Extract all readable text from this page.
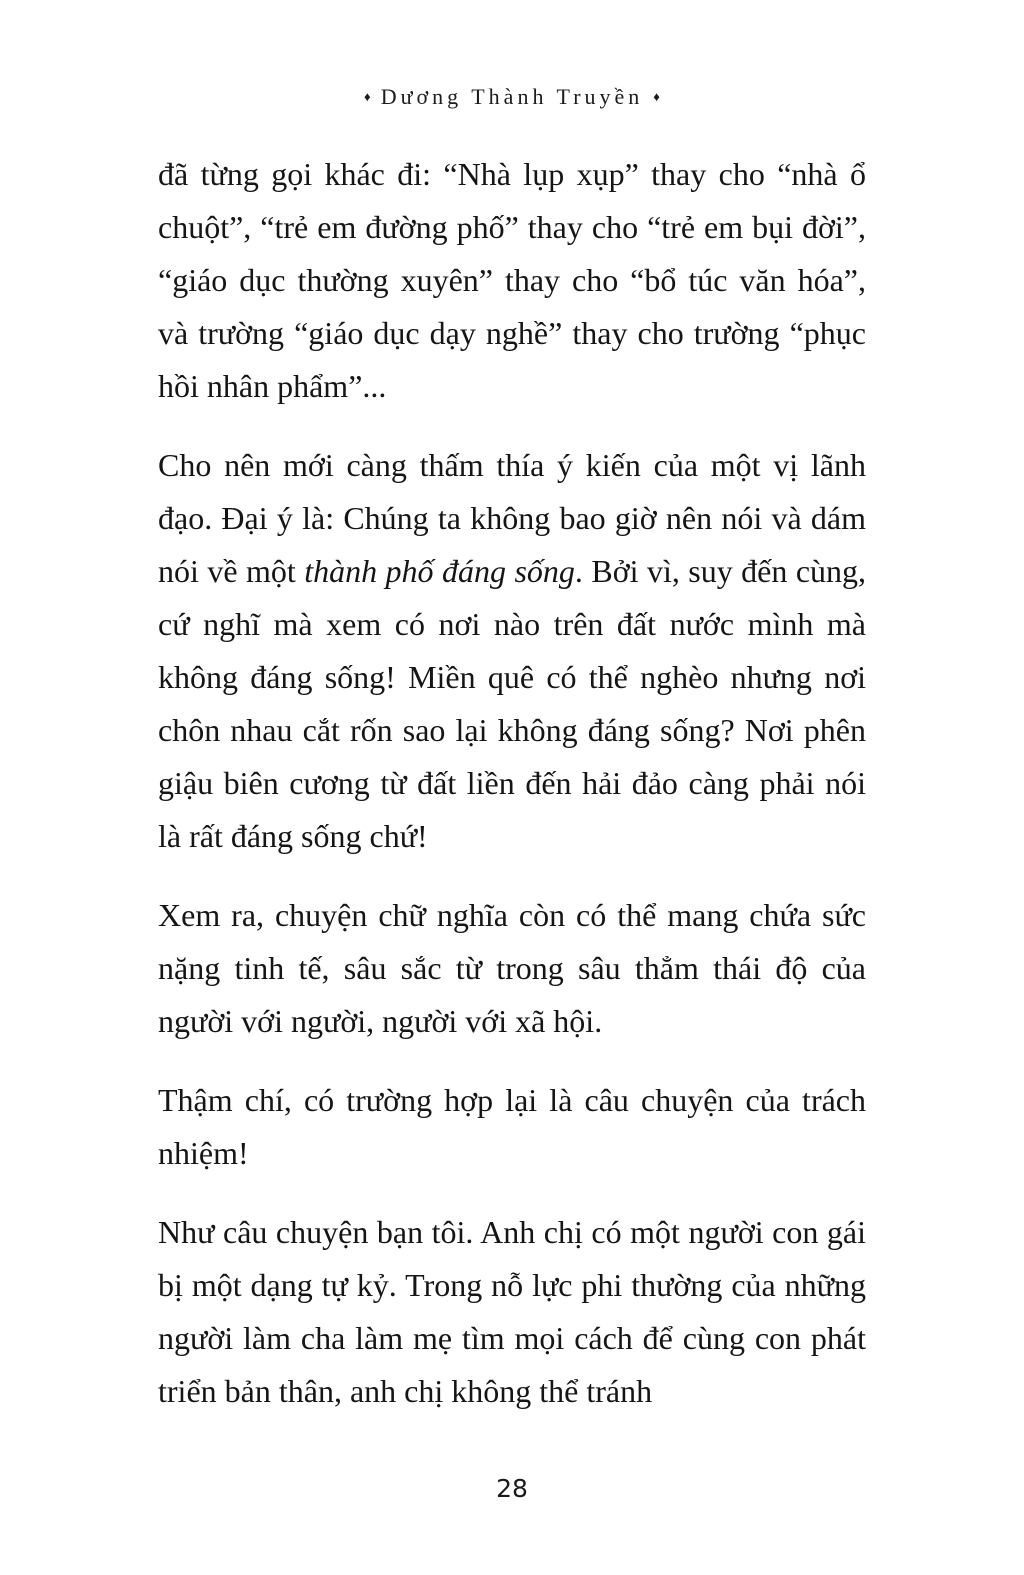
♦ Dương Thành Truyền ♦

đã từng gọi khác đi: “Nhà lụp xụp” thay cho “nhà ổ chuột”, “trẻ em đường phố” thay cho “trẻ em bụi đời”, “giáo dục thường xuyên” thay cho “bổ túc văn hóa”, và trường “giáo dục dạy nghề” thay cho trường “phục hồi nhân phẩm”...

Cho nên mới càng thấm thía ý kiến của một vị lãnh đạo. Đại ý là: Chúng ta không bao giờ nên nói và dám nói về một thành phố đáng sống. Bởi vì, suy đến cùng, cứ nghĩ mà xem có nơi nào trên đất nước mình mà không đáng sống! Miền quê có thể nghèo nhưng nơi chôn nhau cắt rốn sao lại không đáng sống? Nơi phên giậu biên cương từ đất liền đến hải đảo càng phải nói là rất đáng sống chứ!

Xem ra, chuyện chữ nghĩa còn có thể mang chứa sức nặng tinh tế, sâu sắc từ trong sâu thẳm thái độ của người với người, người với xã hội.

Thậm chí, có trường hợp lại là câu chuyện của trách nhiệm!

Như câu chuyện bạn tôi. Anh chị có một người con gái bị một dạng tự kỷ. Trong nỗ lực phi thường của những người làm cha làm mẹ tìm mọi cách để cùng con phát triển bản thân, anh chị không thể tránh

28
